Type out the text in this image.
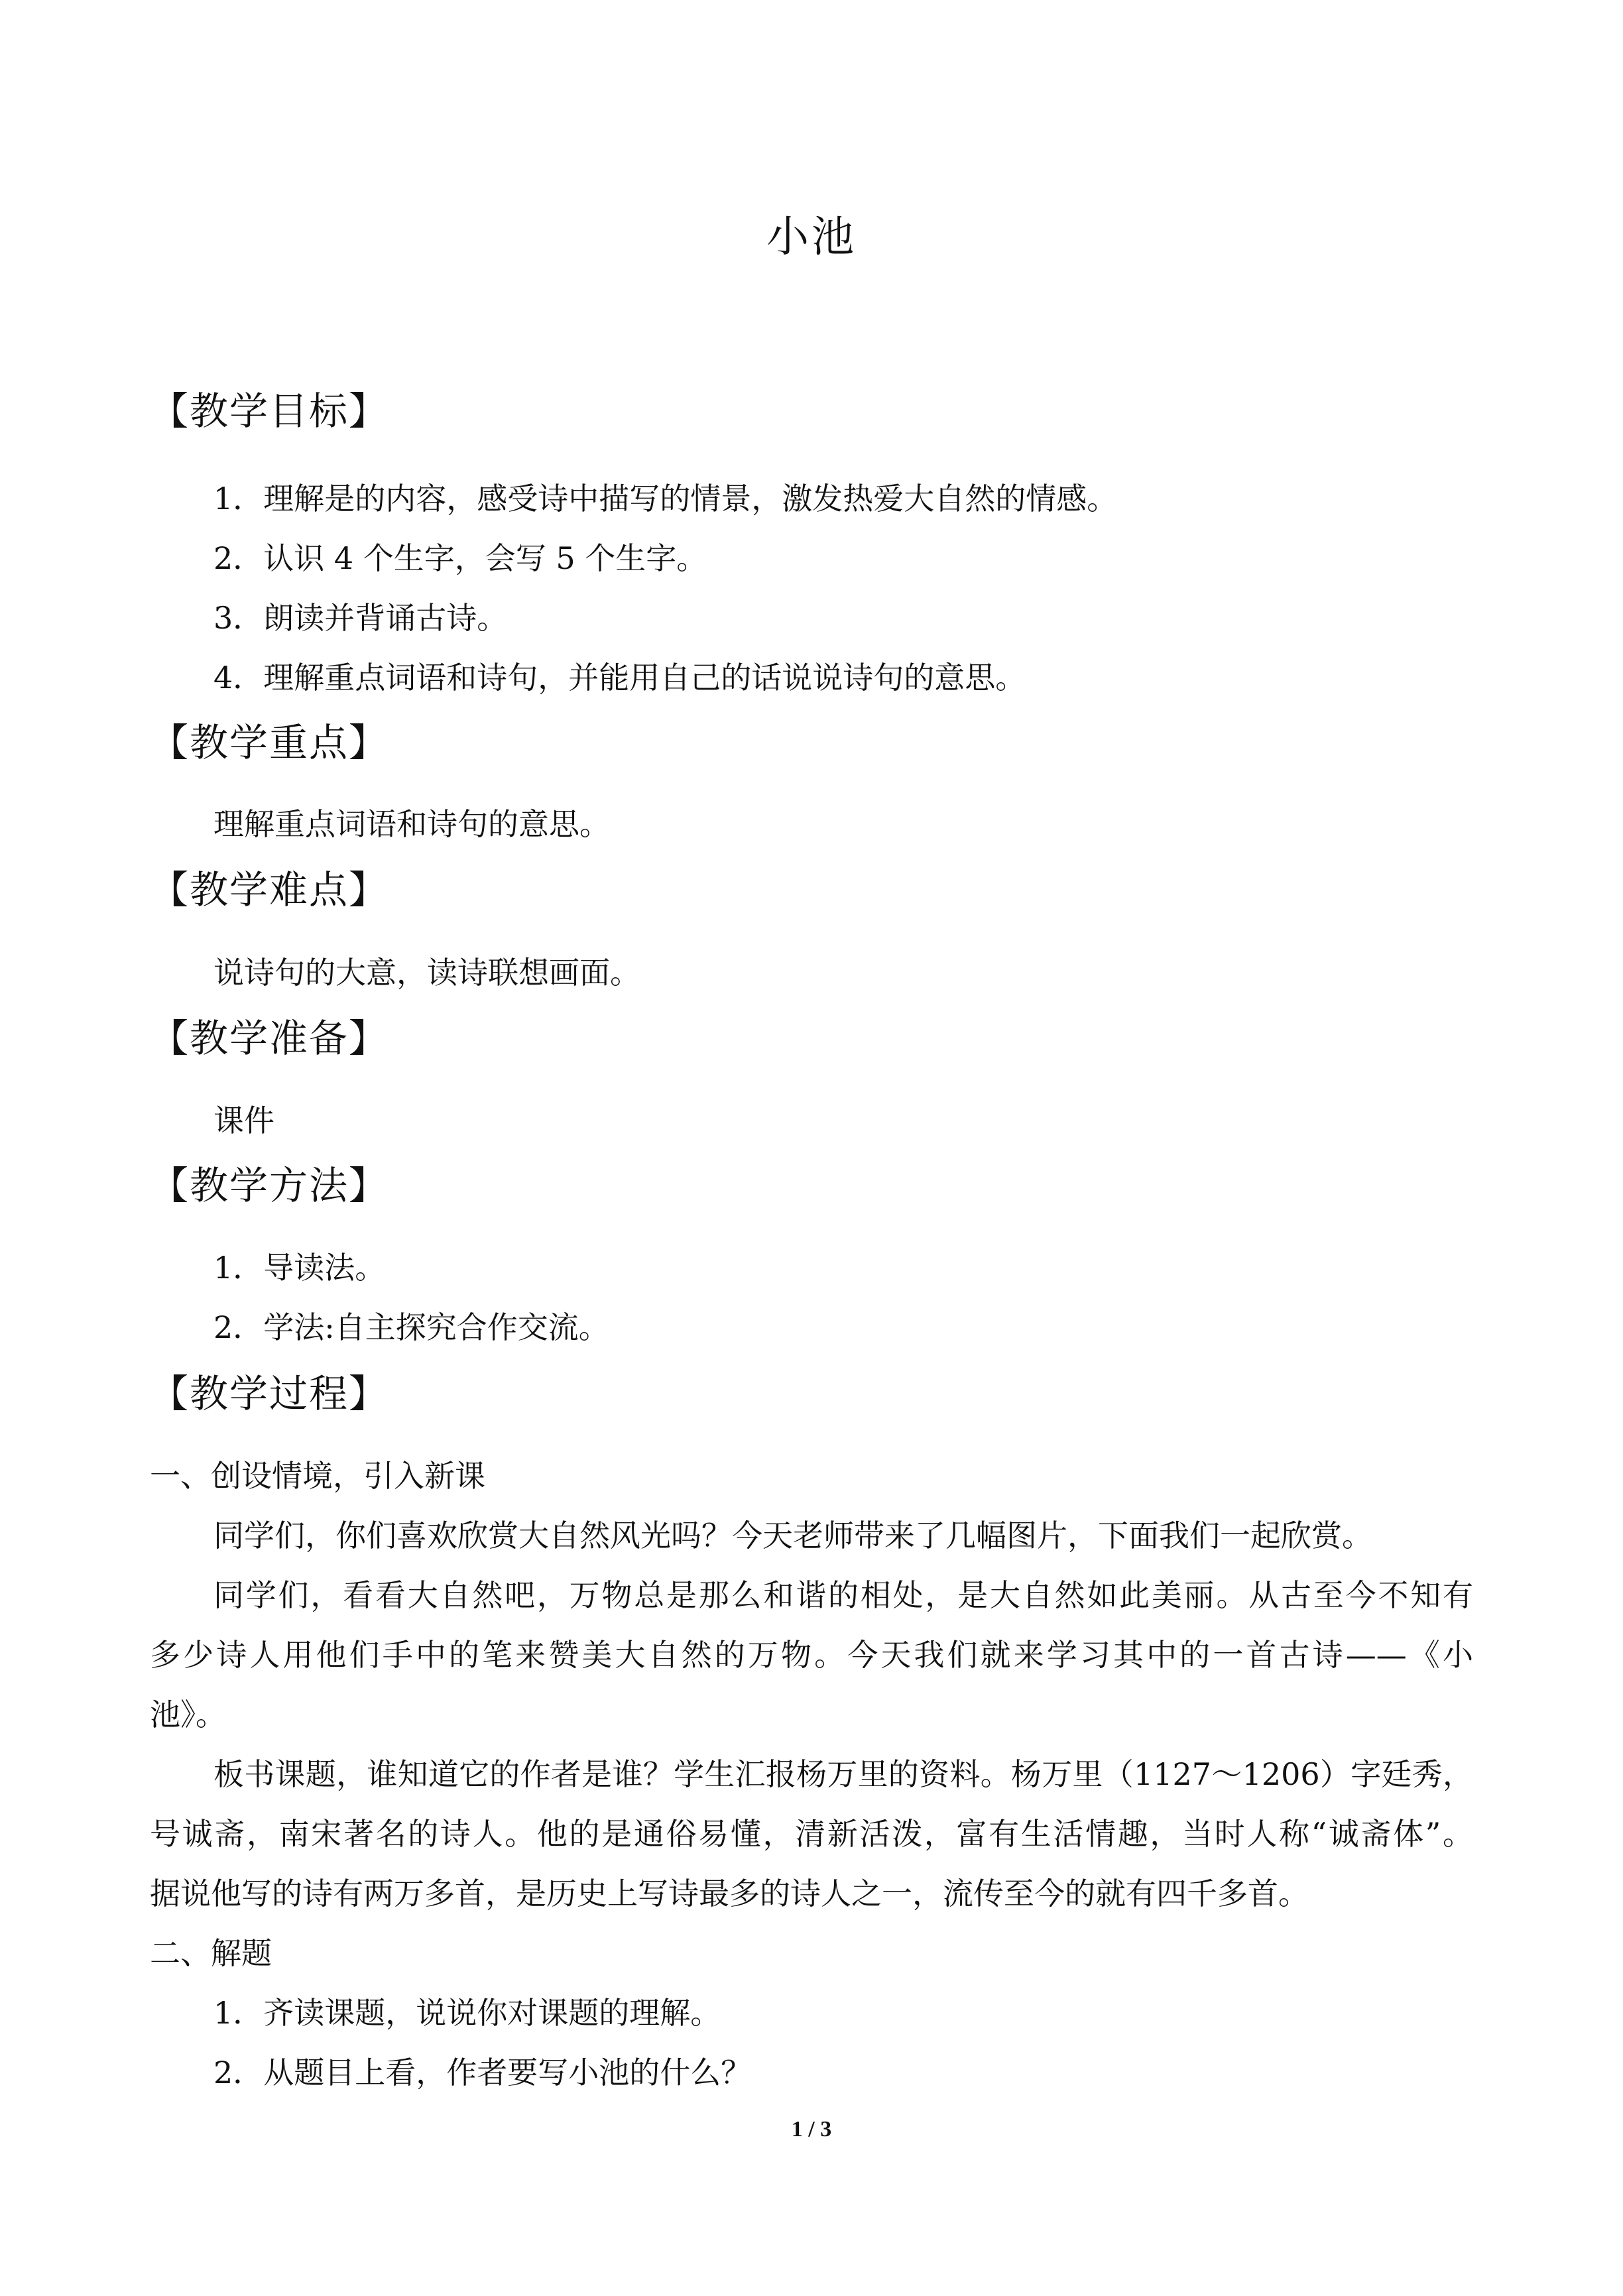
小池
【教学目标】
1．理解是的内容，感受诗中描写的情景，激发热爱大自然的情感。
2．认识 4 个生字，会写 5 个生字。
3．朗读并背诵古诗。
4．理解重点词语和诗句，并能用自己的话说说诗句的意思。
【教学重点】
理解重点词语和诗句的意思。
【教学难点】
说诗句的大意，读诗联想画面。
【教学准备】
课件
【教学方法】
1．导读法。
2．学法:自主探究合作交流。
【教学过程】
一、创设情境，引入新课
同学们，你们喜欢欣赏大自然风光吗？今天老师带来了几幅图片，下面我们一起欣赏。
同学们，看看大自然吧，万物总是那么和谐的相处，是大自然如此美丽。从古至今不知有
多少诗人用他们手中的笔来赞美大自然的万物。今天我们就来学习其中的一首古诗——《小
池》。
板书课题，谁知道它的作者是谁？学生汇报杨万里的资料。杨万里（1127～1206）字廷秀，
号诚斋，南宋著名的诗人。他的是通俗易懂，清新活泼，富有生活情趣，当时人称“诚斋体”。
据说他写的诗有两万多首，是历史上写诗最多的诗人之一，流传至今的就有四千多首。
二、解题
1．齐读课题，说说你对课题的理解。
2．从题目上看，作者要写小池的什么？
1 / 3
